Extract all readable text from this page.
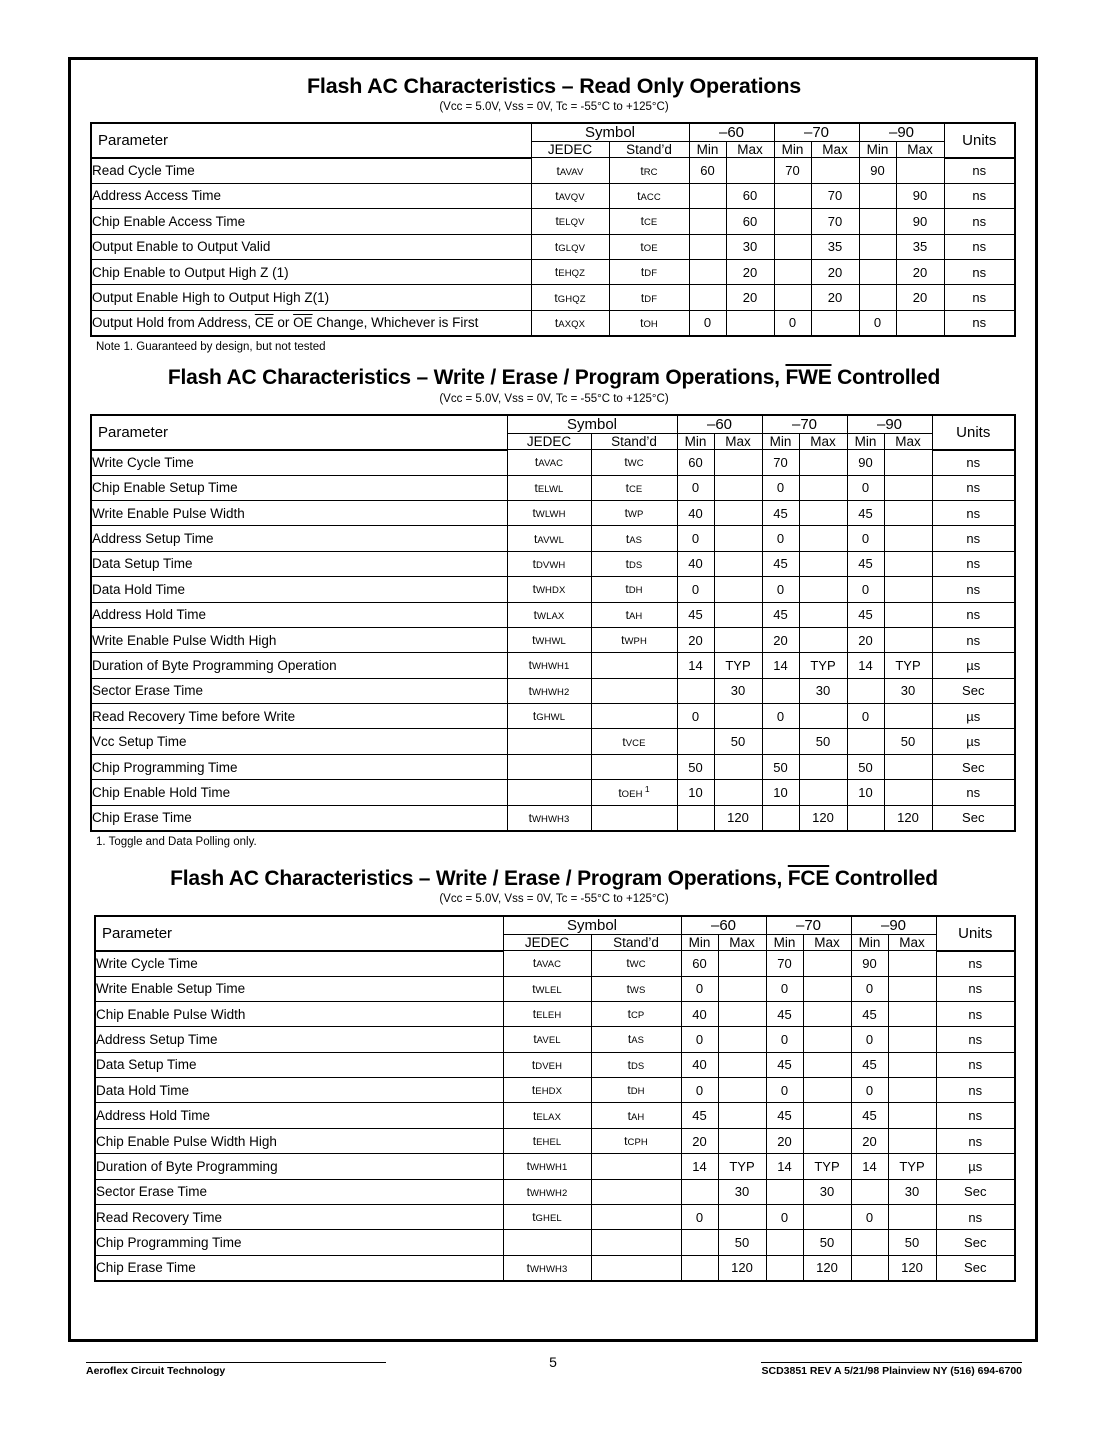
Flash AC Characteristics – Read Only Operations
(Vcc = 5.0V, Vss = 0V, Tc = -55°C to +125°C)
Parameter	Symbol		–60		–70		–90		Units
	JEDEC	Stand’d	Min	Max	Min	Max	Min	Max	
Read Cycle Time	tAVAV	tRC	60		70		90		ns
Address Access Time	tAVQV	tACC		60		70		90	ns
Chip Enable Access Time	tELQV	tCE		60		70		90	ns
Output Enable to Output Valid	tGLQV	tOE		30		35		35	ns
Chip Enable to Output High Z (1)	tEHQZ	tDF		20		20		20	ns
Output Enable High to Output High Z(1)	tGHQZ	tDF		20		20		20	ns
Output Hold from Address, $\overline{CE}$ or $\overline{OE}$ Change, Whichever is First	tAXQX	tOH	0		0		0		ns
Note 1. Guaranteed by design, but not tested
Flash AC Characteristics – Write / Erase / Program Operations, $\overline{FWE}$ Controlled
(Vcc = 5.0V, Vss = 0V, Tc = -55°C to +125°C)
Parameter	Symbol		–60		–70		–90		Units
	JEDEC	Stand’d	Min	Max	Min	Max	Min	Max	
Write Cycle Time	tAVAC	tWC	60		70		90		ns
Chip Enable Setup Time	tELWL	tCE	0		0		0		ns
Write Enable Pulse Width	tWLWH	tWP	40		45		45		ns
Address Setup Time	tAVWL	tAS	0		0		0		ns
Data Setup Time	tDVWH	tDS	40		45		45		ns
Data Hold Time	tWHDX	tDH	0		0		0		ns
Address Hold Time	tWLAX	tAH	45		45		45		ns
Write Enable Pulse Width High	tWHWL	tWPH	20		20		20		ns
Duration of Byte Programming Operation	tWHWH1		14	TYP	14	TYP	14	TYP	µs
Sector Erase Time	tWHWH2			30		30		30	Sec
Read Recovery Time before Write	tGHWL		0		0		0		µs
Vcc Setup Time		tVCE		50		50		50	µs
Chip Programming Time			50		50		50		Sec
Chip Enable Hold Time		tOEH $^1$	10		10		10		ns
Chip Erase Time	tWHWH3			120		120		120	Sec
1. Toggle and Data Polling only.
Flash AC Characteristics – Write / Erase / Program Operations, $\overline{FCE}$ Controlled
(Vcc = 5.0V, Vss = 0V, Tc = -55°C to +125°C)
Parameter	Symbol		–60		–70		–90		Units
	JEDEC	Stand’d	Min	Max	Min	Max	Min	Max	
Write Cycle Time	tAVAC	tWC	60		70		90		ns
Write Enable Setup Time	tWLEL	tWS	0		0		0		ns
Chip Enable Pulse Width	tELEH	tCP	40		45		45		ns
Address Setup Time	tAVEL	tAS	0		0		0		ns
Data Setup Time	tDVEH	tDS	40		45		45		ns
Data Hold Time	tEHDX	tDH	0		0		0		ns
Address Hold Time	tELAX	tAH	45		45		45		ns
Chip Enable Pulse Width High	tEHEL	tCPH	20		20		20		ns
Duration of Byte Programming	tWHWH1		14	TYP	14	TYP	14	TYP	µs
Sector Erase Time	tWHWH2			30		30		30	Sec
Read Recovery Time	tGHEL		0		0		0		ns
Chip Programming Time				50		50		50	Sec
Chip Erase Time	tWHWH3			120		120		120	Sec
Aeroflex Circuit Technology
5
SCD3851 REV A 5/21/98 Plainview NY (516) 694-6700
